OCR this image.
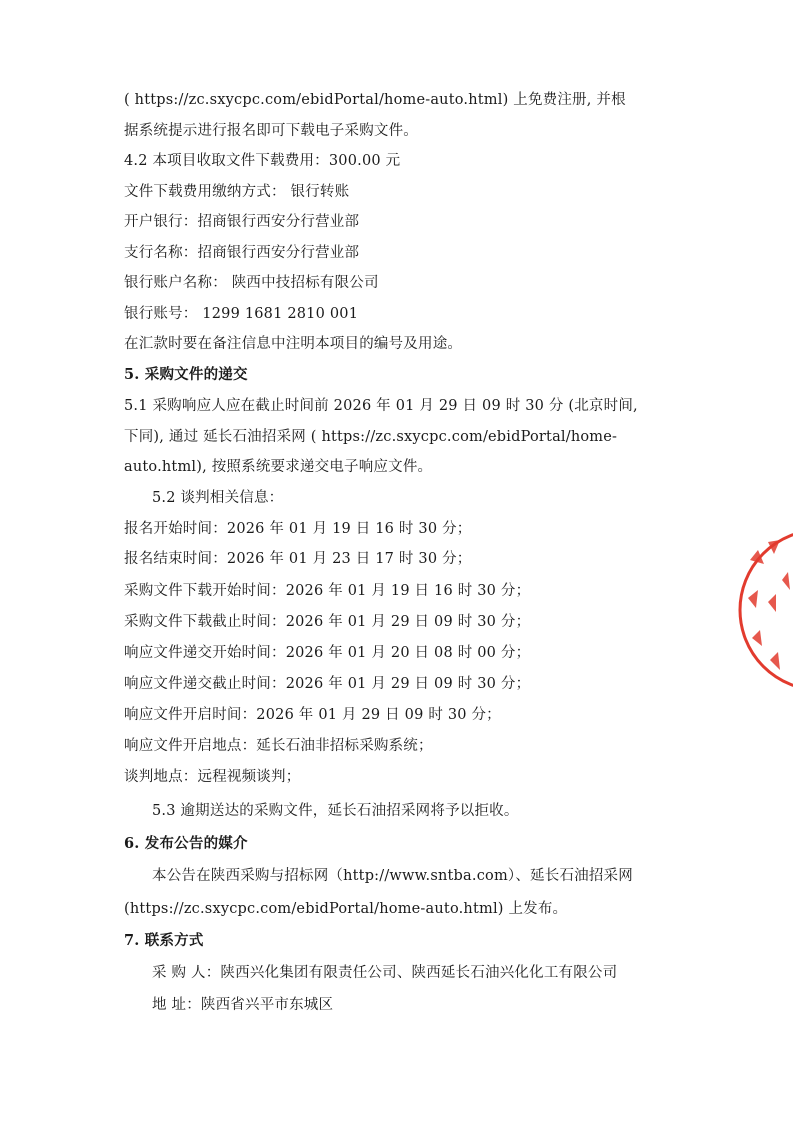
( https://zc.sxycpc.com/ebidPortal/home-auto.html) 上免费注册, 并根
据系统提示进行报名即可下载电子采购文件。
4.2 本项目收取文件下载费用：300.00 元
文件下载费用缴纳方式： 银行转账
开户银行：招商银行西安分行营业部
支行名称：招商银行西安分行营业部
银行账户名称： 陕西中技招标有限公司
银行账号： 1299 1681 2810 001
在汇款时要在备注信息中注明本项目的编号及用途。
5. 采购文件的递交
5.1 采购响应人应在截止时间前 2026 年 01 月 29 日 09 时 30 分 (北京时间,
下同), 通过 延长石油招采网 ( https://zc.sxycpc.com/ebidPortal/home-
auto.html), 按照系统要求递交电子响应文件。
5.2 谈判相关信息：
报名开始时间：2026 年 01 月 19 日 16 时 30 分；
报名结束时间：2026 年 01 月 23 日 17 时 30 分；
采购文件下载开始时间：2026 年 01 月 19 日 16 时 30 分；
采购文件下载截止时间：2026 年 01 月 29 日 09 时 30 分；
响应文件递交开始时间：2026 年 01 月 20 日 08 时 00 分；
响应文件递交截止时间：2026 年 01 月 29 日 09 时 30 分；
响应文件开启时间：2026 年 01 月 29 日 09 时 30 分；
响应文件开启地点：延长石油非招标采购系统；
谈判地点：远程视频谈判；
5.3 逾期送达的采购文件，延长石油招采网将予以拒收。
6. 发布公告的媒介
本公告在陕西采购与招标网（http://www.sntba.com）、延长石油招采网
(https://zc.sxycpc.com/ebidPortal/home-auto.html) 上发布。
7. 联系方式
采 购 人：陕西兴化集团有限责任公司、陕西延长石油兴化化工有限公司
地 址：陕西省兴平市东城区
